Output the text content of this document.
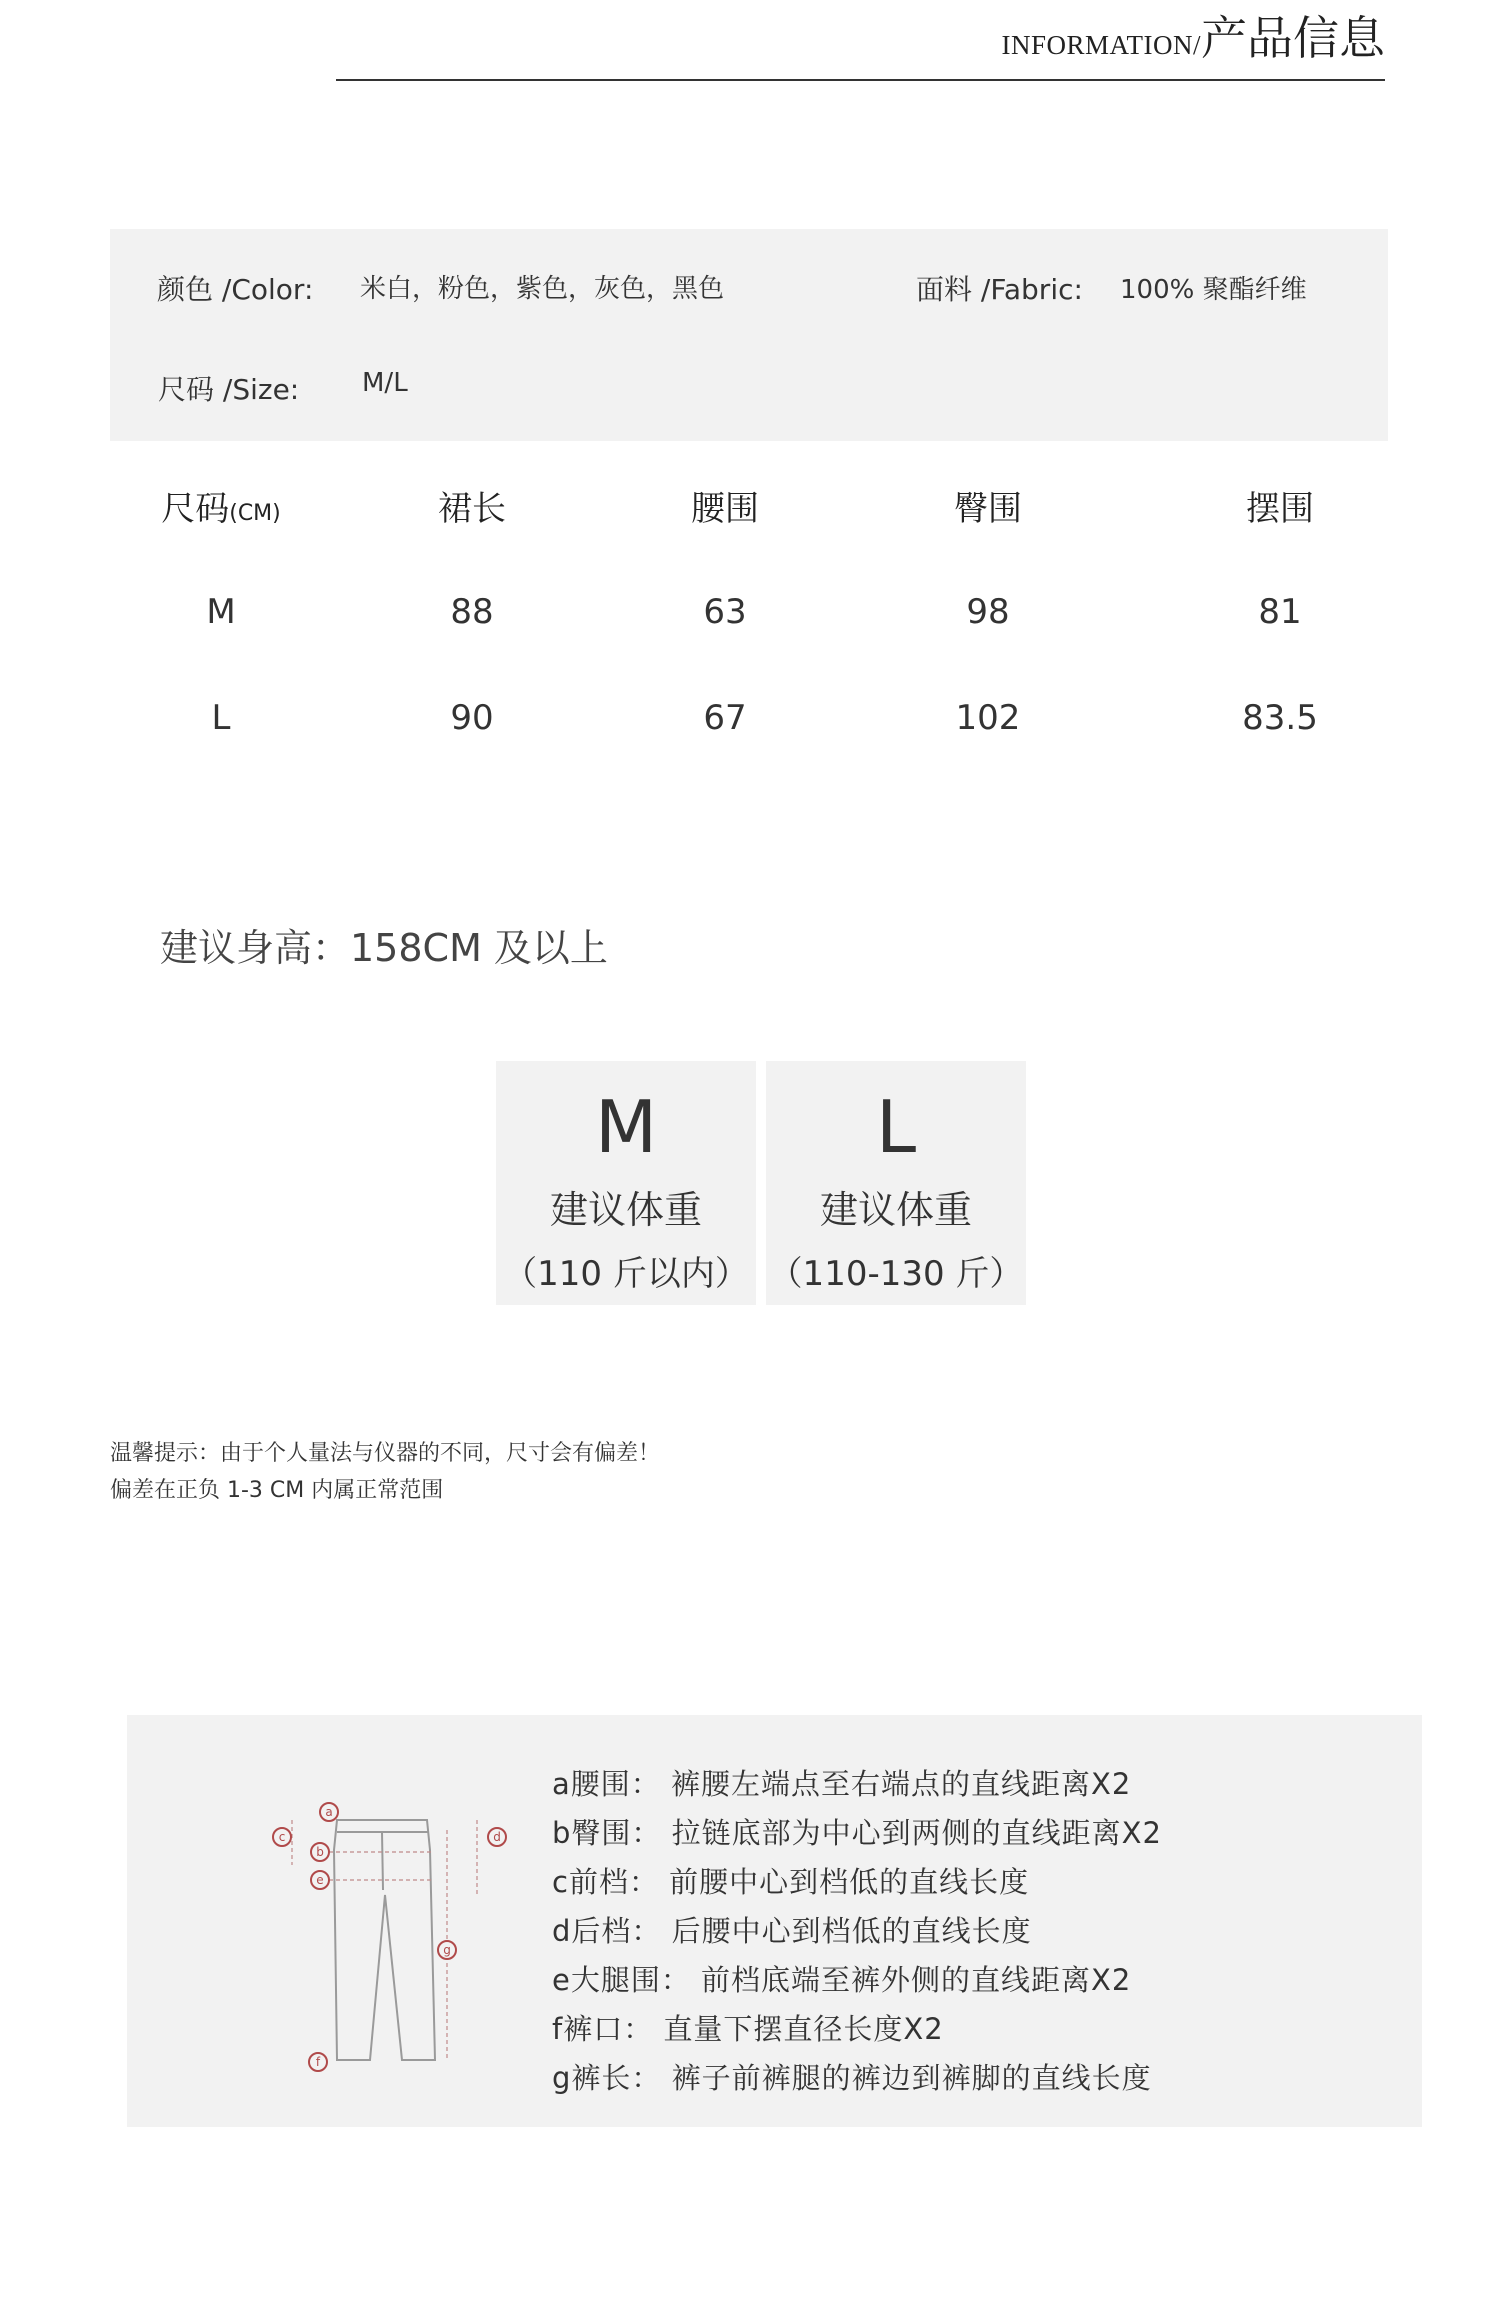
INFORMATION/产品信息
颜色 /Color: 米白，粉色，紫色，灰色，黑色	面料 /Fabric: 100% 聚酯纤维
尺码 /Size: M/L
尺码(CM)	裙长	腰围	臀围	摆围
M	88	63	98	81
L	90	67	102	83.5
建议身高：158CM 及以上
M
建议体重
（110 斤以内）
L
建议体重
（110-130 斤）
温馨提示：由于个人量法与仪器的不同，尺寸会有偏差！
偏差在正负 1-3 CM 内属正常范围
a
b
c	d
e
f
g
a腰围： 裤腰左端点至右端点的直线距离X2
b臀围： 拉链底部为中心到两侧的直线距离X2
c前档： 前腰中心到档低的直线长度
d后档： 后腰中心到档低的直线长度
e大腿围： 前档底端至裤外侧的直线距离X2
f裤口： 直量下摆直径长度X2
g裤长： 裤子前裤腿的裤边到裤脚的直线长度
